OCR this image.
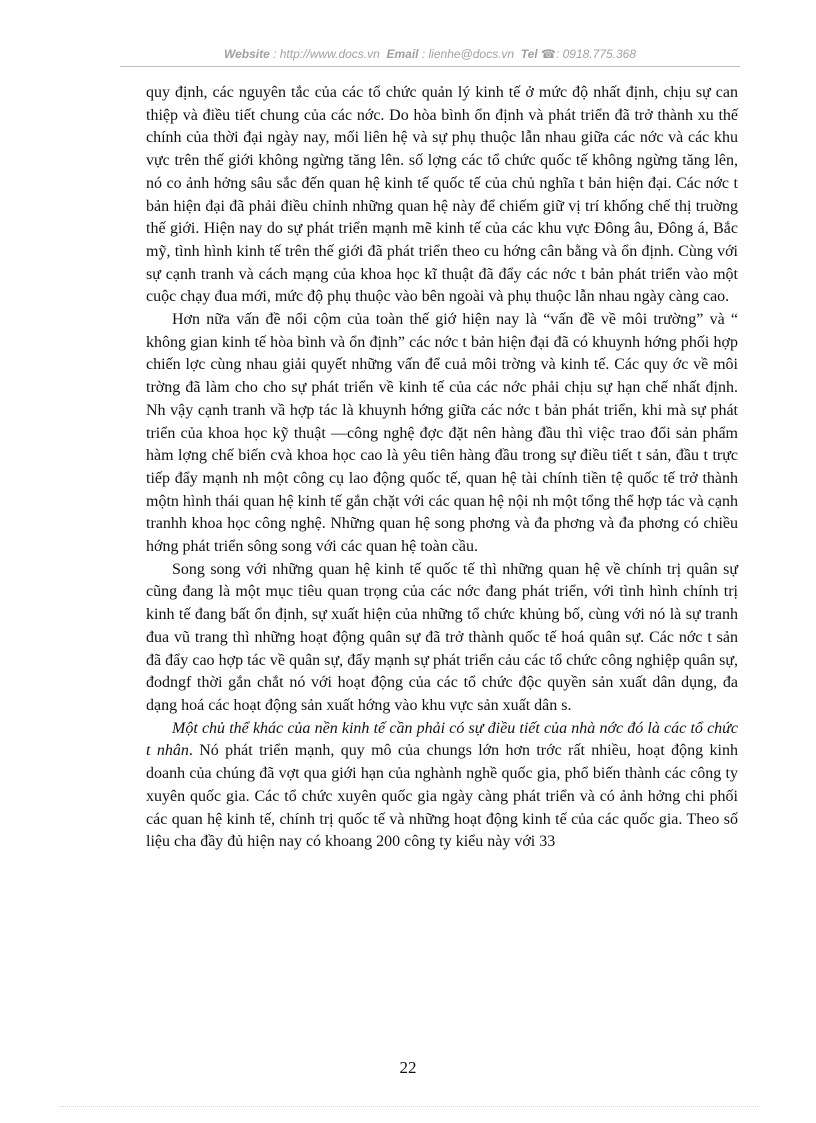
Website : http://www.docs.vn Email : lienhe@docs.vn Tel ☎: 0918.775.368

quy định, các nguyên tắc của các tổ chức quản lý kinh tế ở mức độ nhất định, chịu sự can thiệp và điều tiết chung của các nớc. Do hòa bình ổn định và phát triển đã trở thành xu thế chính của thời đại ngày nay, mối liên hệ và sự phụ thuộc lẫn nhau giữa các nớc và các khu vực trên thế giới không ngừng tăng lên. số lợng các tổ chức quốc tế không ngừng tăng lên, nó co ảnh hởng sâu sắc đến quan hệ kinh tế quốc tế của chủ nghĩa t bản hiện đại. Các nớc t bản hiện đại đã phải điều chỉnh những quan hệ này để chiếm giữ vị trí khống chế thị truờng thế giới. Hiện nay do sự phát triển mạnh mẽ kinh tế của các khu vực Đông âu, Đông á, Bắc mỹ, tình hình kinh tế trên thế giới đã phát triển theo cu hớng cân bằng và ổn định. Cùng với sự cạnh tranh và cách mạng của khoa học kĩ thuật đã đẩy các nớc t bản phát triển vào một cuộc chạy đua mới, mức độ phụ thuộc vào bên ngoài và phụ thuộc lẫn nhau ngày càng cao.

Hơn nữa vấn đề nổi cộm của toàn thế giớ hiện nay là “vấn đề về môi trường” và “ không gian kinh tế hòa bình và ổn định” các nớc t bản hiện đại đã có khuynh hớng phối hợp chiến lợc cùng nhau giải quyết những vấn để cuả môi trờng và kinh tế. Các quy ớc về môi trờng đã làm cho cho sự phát triển về kinh tế của các nớc phải chịu sự hạn chế nhất định. Nh vậy cạnh tranh vầ hợp tác là khuynh hớng giữa các nớc t bản phát triển, khi mà sự phát triển của khoa học kỹ thuật —công nghệ đợc đặt nên hàng đầu thì việc trao đổi sản phẩm hàm lợng chế biến cvà khoa học cao là yêu tiên hàng đầu trong sự điều tiết t sản, đầu t trực tiếp đẩy mạnh nh một công cụ lao động quốc tế, quan hệ tài chính tiền tệ quốc tế trở thành mộtn hình thái quan hệ kinh tế gắn chặt với các quan hệ nội nh một tổng thể hợp tác và cạnh tranhh khoa học công nghệ. Những quan hệ song phơng và đa phơng và đa phơng có chiều hớng phát triển sông song với các quan hệ toàn cầu.

Song song với những quan hệ kinh tế quốc tế thì những quan hệ về chính trị quân sự cũng đang là một mục tiêu quan trọng của các nớc đang phát triển, với tình hình chính trị kinh tế đang bất ổn định, sự xuất hiện của những tổ chức khủng bố, cùng với nó là sự tranh đua vũ trang thì những hoạt động quân sự đã trở thành quốc tế hoá quân sự. Các nớc t sản đã đẩy cao hợp tác về quân sự, đẩy mạnh sự phát triển cảu các tổ chức công nghiệp quân sự, đodngf thời gắn chắt nó với hoạt động của các tổ chức độc quyền sản xuất dân dụng, đa dạng hoá các hoạt động sản xuất hớng vào khu vực sản xuất dân s.

Một chủ thể khác của nền kinh tế cần phải có sự điều tiết của nhà nớc đó là các tổ chức t nhân. Nó phát triển mạnh, quy mô của chungs lớn hơn trớc rất nhiều, hoạt động kinh doanh của chúng đã vợt qua giới hạn của nghành nghề quốc gia, phổ biến thành các công ty xuyên quốc gia. Các tổ chức xuyên quốc gia ngày càng phát triển và có ảnh hởng chi phối các quan hệ kinh tế, chính trị quốc tế và những hoạt động kinh tế của các quốc gia. Theo số liệu cha đầy đủ hiện nay có khoang 200 công ty kiểu này với 33

22
